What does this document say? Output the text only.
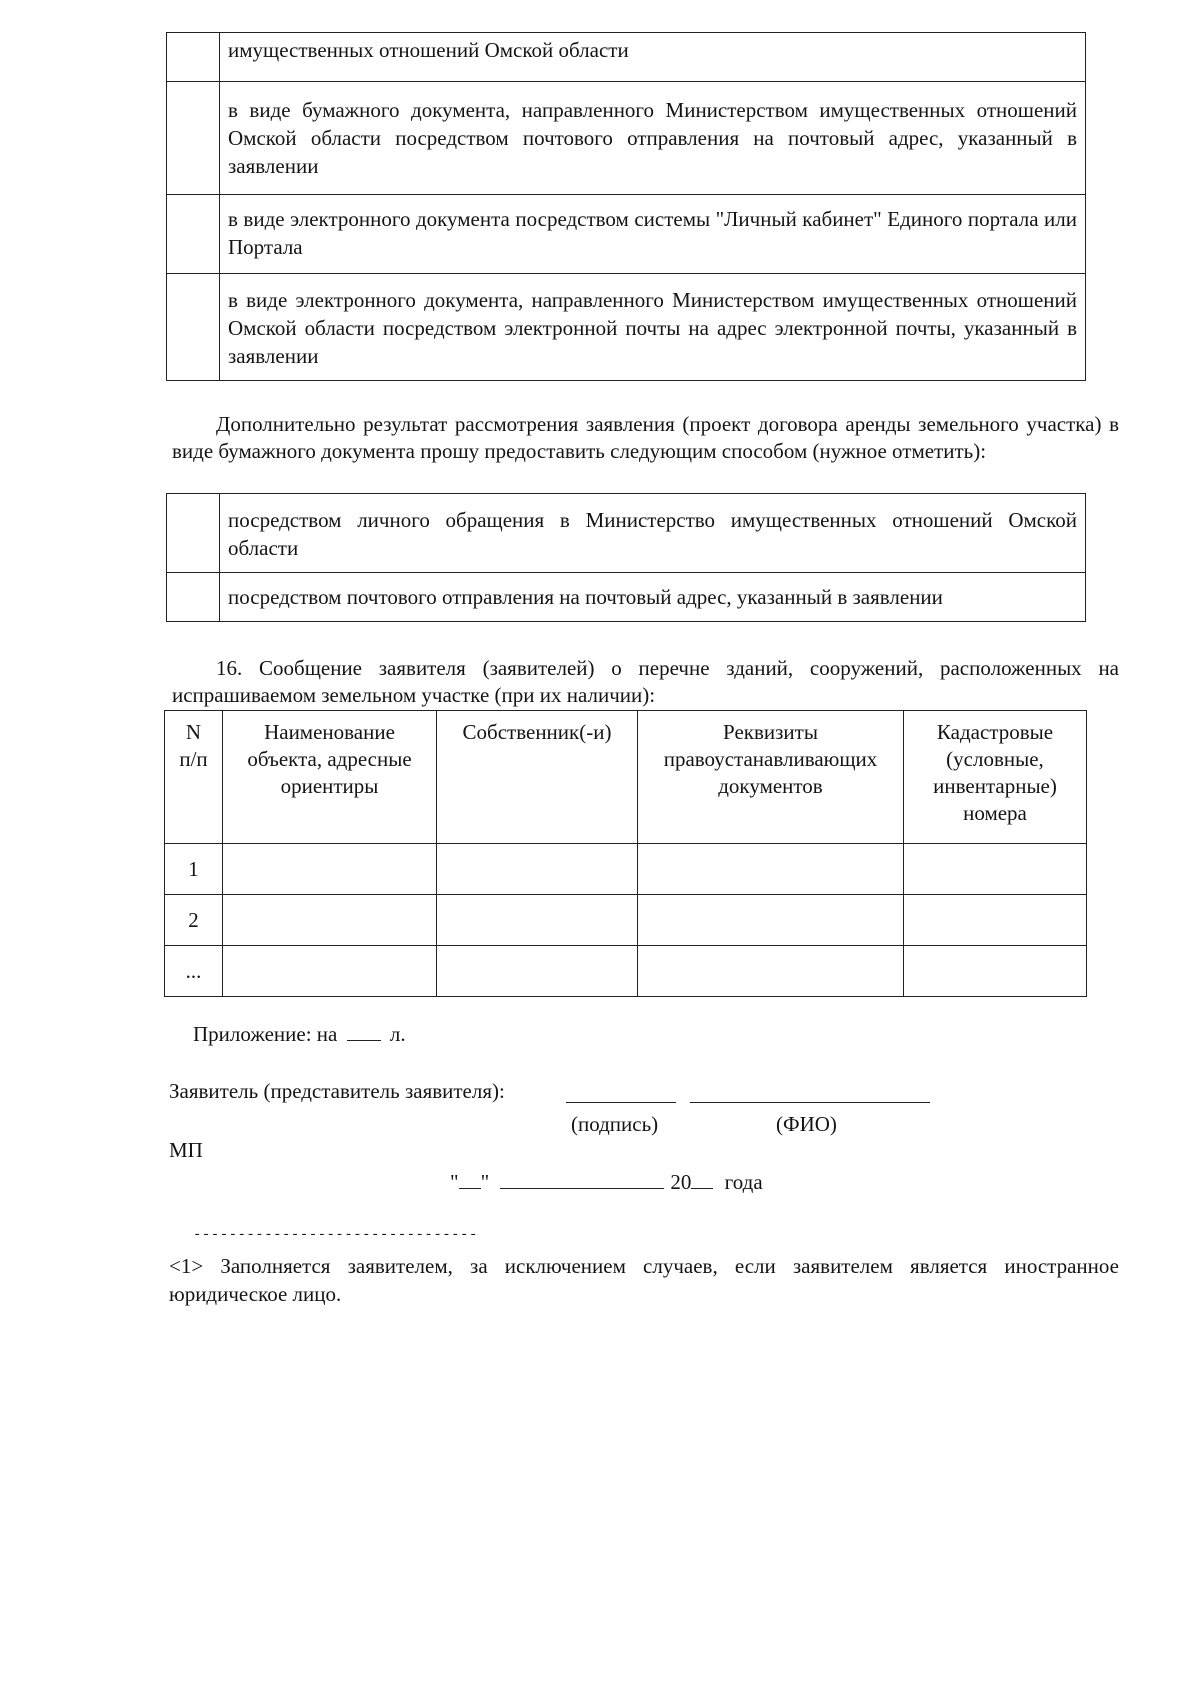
	имущественных отношений Омской области
	в виде бумажного документа, направленного Министерством имущественных отношений Омской области посредством почтового отправления на почтовый адрес, указанный в заявлении
	в виде электронного документа посредством системы "Личный кабинет" Единого портала или Портала
	в виде электронного документа, направленного Министерством имущественных отношений Омской области посредством электронной почты на адрес электронной почты, указанный в заявлении
Дополнительно результат рассмотрения заявления (проект договора аренды земельного участка) в виде бумажного документа прошу предоставить следующим способом (нужное отметить):
	посредством личного обращения в Министерство имущественных отношений Омской области
	посредством почтового отправления на почтовый адрес, указанный в заявлении
16. Сообщение заявителя (заявителей) о перечне зданий, сооружений, расположенных на испрашиваемом земельном участке (при их наличии):
N п/п	Наименование объекта, адресные ориентиры	Собственник(-и)	Реквизиты правоустанавливающих документов	Кадастровые (условные, инвентарные) номера
1				
2				
...				
Приложение: на	л.
Заявитель (представитель заявителя):
(подпись)	(ФИО)
МП
" "	20 года
--------------------------------
<1> Заполняется заявителем, за исключением случаев, если заявителем является иностранное юридическое лицо.
